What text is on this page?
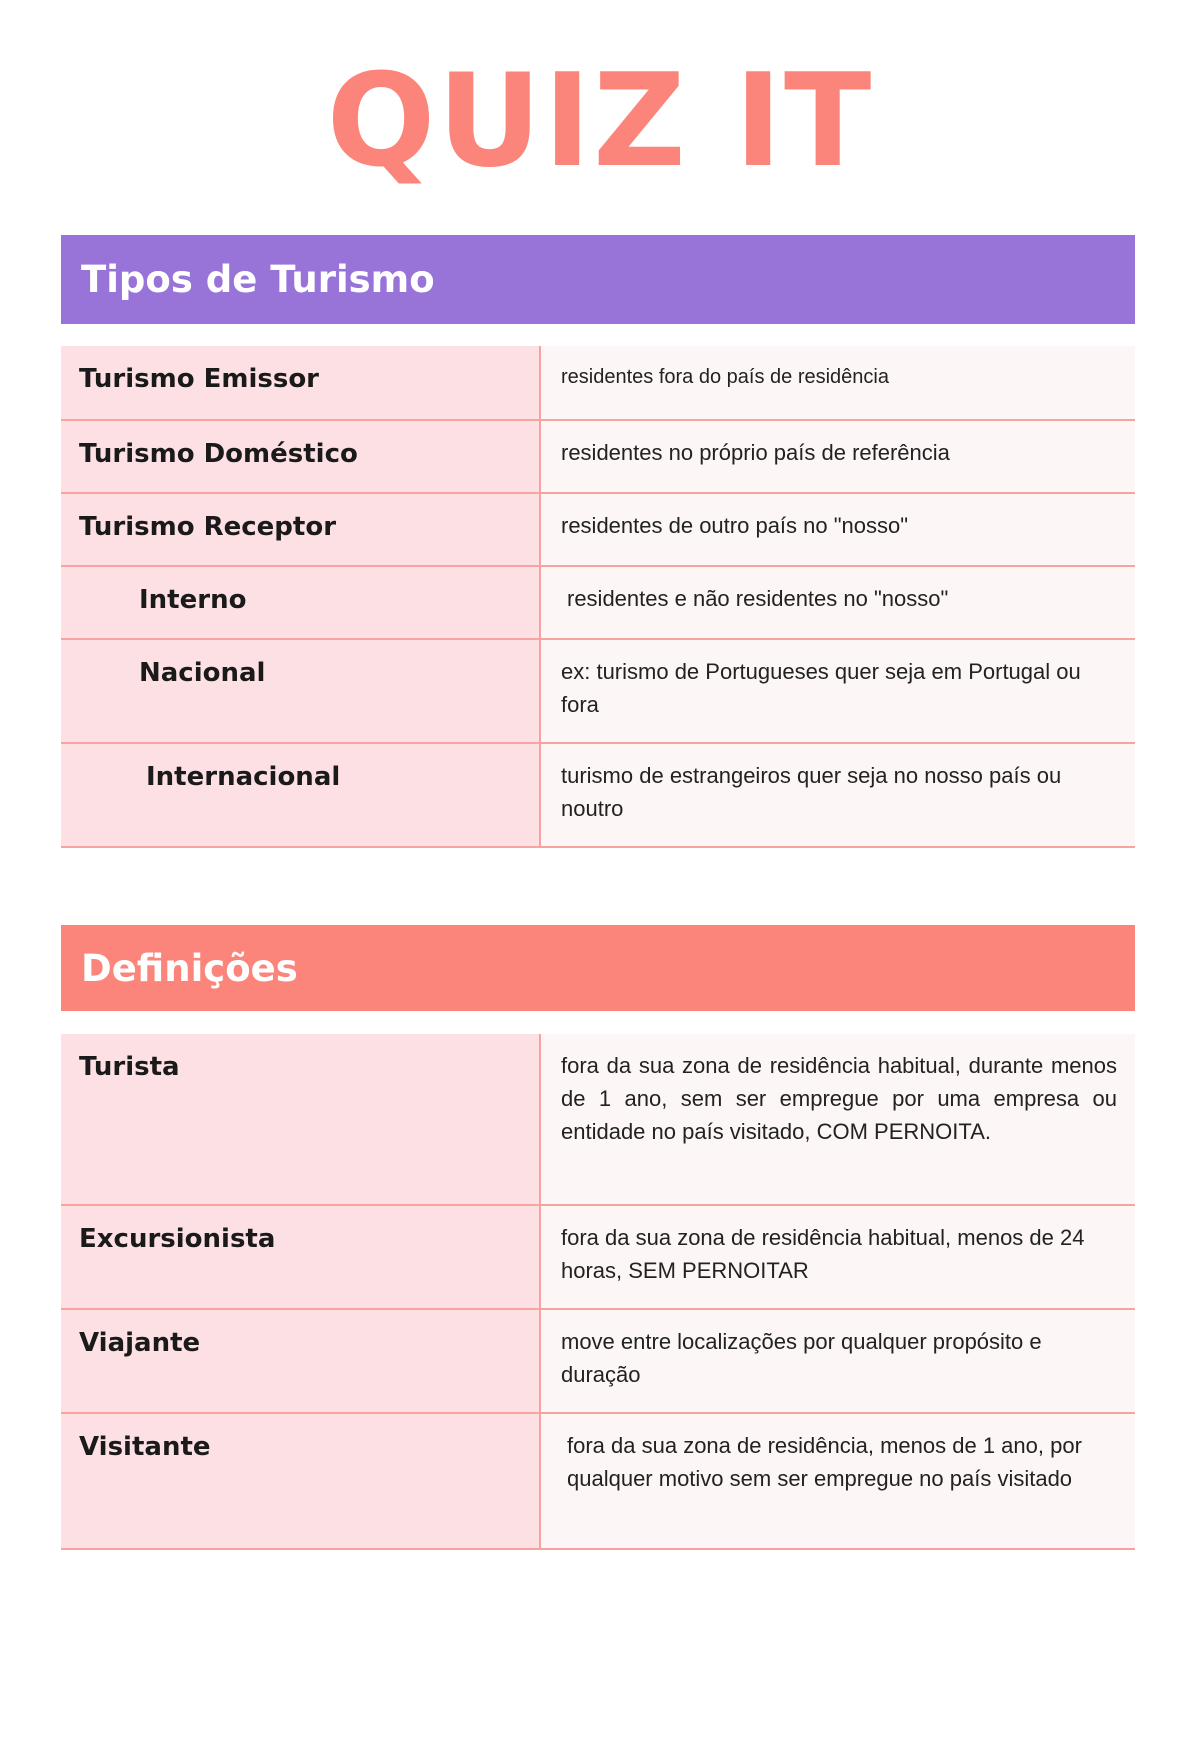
QUIZ IT
Tipos de Turismo
Turismo Emissor	residentes fora do país de residência
Turismo Doméstico	residentes no próprio país de referência
Turismo Receptor	residentes de outro país no "nosso"
Interno	residentes e não residentes no "nosso"
Nacional	ex: turismo de Portugueses quer seja em Portugal ou fora
Internacional	turismo de estrangeiros quer seja no nosso país ou noutro
Definições
Turista	fora da sua zona de residência habitual, durante menos de 1 ano, sem ser empregue por uma empresa ou entidade no país visitado, COM PERNOITA.
Excursionista	fora da sua zona de residência habitual, menos de 24 horas, SEM PERNOITAR
Viajante	move entre localizações por qualquer propósito e duração
Visitante	fora da sua zona de residência, menos de 1 ano, por qualquer motivo sem ser empregue no país visitado
